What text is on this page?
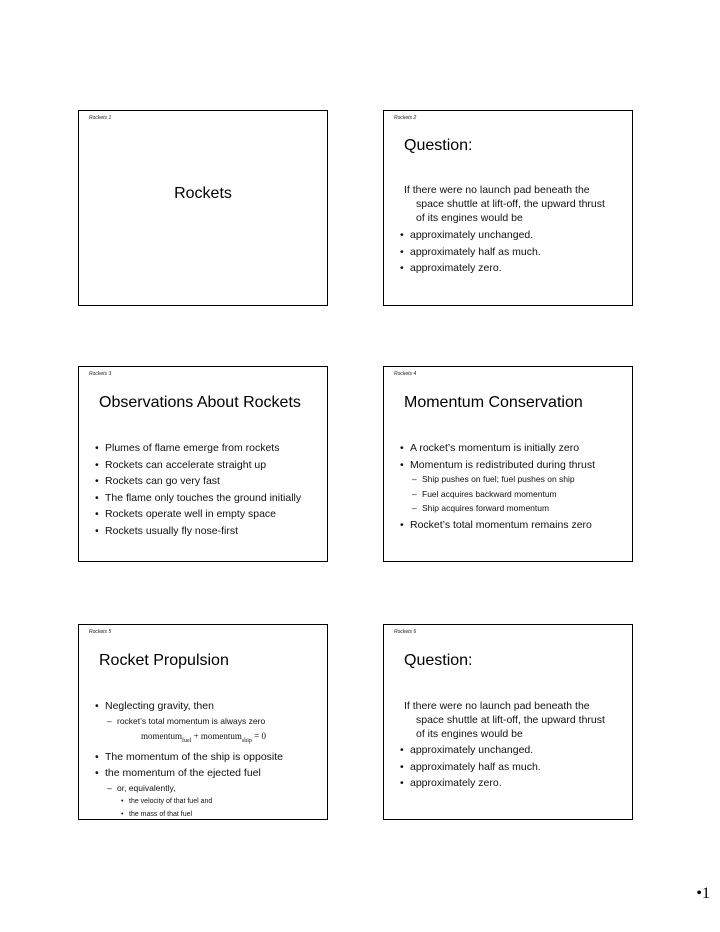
Rockets 1
Rockets
Rockets 2
Question:
If there were no launch pad beneath the
space shuttle at lift-off, the upward thrust
of its engines would be
• approximately unchanged.
• approximately half as much.
• approximately zero.
Rockets 3
Observations About Rockets
• Plumes of flame emerge from rockets
• Rockets can accelerate straight up
• Rockets can go very fast
• The flame only touches the ground initially
• Rockets operate well in empty space
• Rockets usually fly nose-first
Rockets 4
Momentum Conservation
• A rocket’s momentum is initially zero
• Momentum is redistributed during thrust
– Ship pushes on fuel; fuel pushes on ship
– Fuel acquires backward momentum
– Ship acquires forward momentum
• Rocket’s total momentum remains zero
Rockets 5
Rocket Propulsion
• Neglecting gravity, then
– rocket’s total momentum is always zero
momentum$_{fuel}$ + momentum$_{ship}$ = 0
• The momentum of the ship is opposite
• the momentum of the ejected fuel
– or, equivalently,
• the velocity of that fuel and
• the mass of that fuel
Rockets 6
Question:
If there were no launch pad beneath the
space shuttle at lift-off, the upward thrust
of its engines would be
• approximately unchanged.
• approximately half as much.
• approximately zero.
•1
